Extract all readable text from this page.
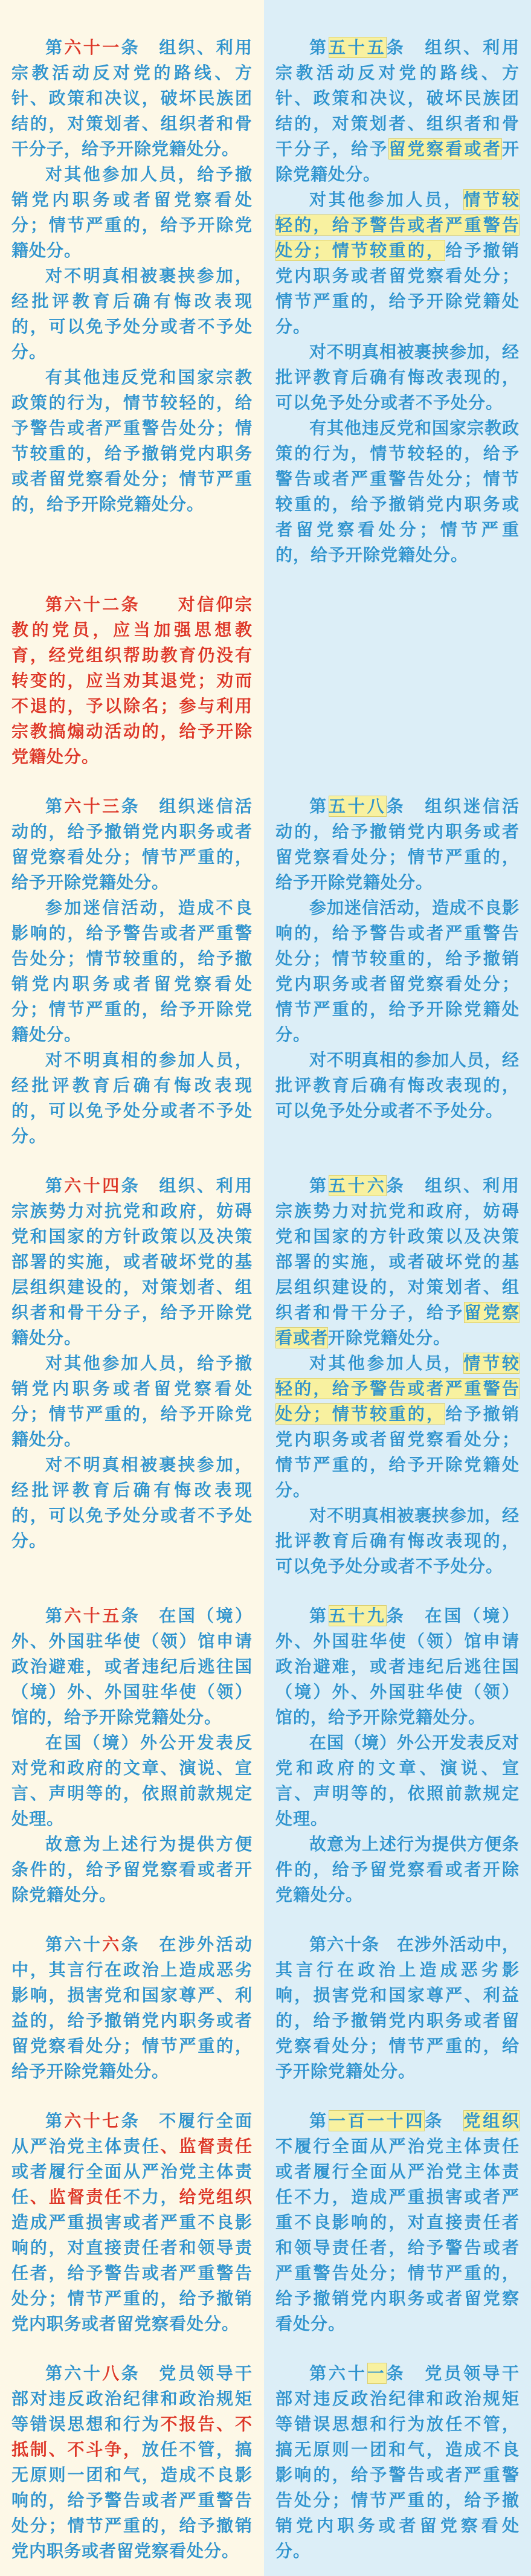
第六十一条　组织、利用宗教活动反对党的路线、方针、政策和决议，破坏民族团结的，对策划者、组织者和骨干分子，给予开除党籍处分。

对其他参加人员，给予撤销党内职务或者留党察看处分；情节严重的，给予开除党籍处分。

对不明真相被裹挟参加，经批评教育后确有悔改表现的，可以免予处分或者不予处分。

有其他违反党和国家宗教政策的行为，情节较轻的，给予警告或者严重警告处分；情节较重的，给予撤销党内职务或者留党察看处分；情节严重的，给予开除党籍处分。

第五十五条　组织、利用宗教活动反对党的路线、方针、政策和决议，破坏民族团结的，对策划者、组织者和骨干分子，给予留党察看或者开除党籍处分。

对其他参加人员，情节较轻的，给予警告或者严重警告处分；情节较重的，给予撤销党内职务或者留党察看处分；情节严重的，给予开除党籍处分。

对不明真相被裹挟参加，经批评教育后确有悔改表现的，可以免予处分或者不予处分。

有其他违反党和国家宗教政策的行为，情节较轻的，给予警告或者严重警告处分；情节较重的，给予撤销党内职务或者留党察看处分；情节严重的，给予开除党籍处分。

第六十二条　　对信仰宗教的党员，应当加强思想教育，经党组织帮助教育仍没有转变的，应当劝其退党；劝而不退的，予以除名；参与利用宗教搞煽动活动的，给予开除党籍处分。

第六十三条　组织迷信活动的，给予撤销党内职务或者留党察看处分；情节严重的，给予开除党籍处分。

参加迷信活动，造成不良影响的，给予警告或者严重警告处分；情节较重的，给予撤销党内职务或者留党察看处分；情节严重的，给予开除党籍处分。

对不明真相的参加人员，经批评教育后确有悔改表现的，可以免予处分或者不予处分。

第五十八条　组织迷信活动的，给予撤销党内职务或者留党察看处分；情节严重的，给予开除党籍处分。

参加迷信活动，造成不良影响的，给予警告或者严重警告处分；情节较重的，给予撤销党内职务或者留党察看处分；情节严重的，给予开除党籍处分。

对不明真相的参加人员，经批评教育后确有悔改表现的，可以免予处分或者不予处分。

第六十四条　组织、利用宗族势力对抗党和政府，妨碍党和国家的方针政策以及决策部署的实施，或者破坏党的基层组织建设的，对策划者、组织者和骨干分子，给予开除党籍处分。

对其他参加人员，给予撤销党内职务或者留党察看处分；情节严重的，给予开除党籍处分。

对不明真相被裹挟参加，经批评教育后确有悔改表现的，可以免予处分或者不予处分。

第五十六条　组织、利用宗族势力对抗党和政府，妨碍党和国家的方针政策以及决策部署的实施，或者破坏党的基层组织建设的，对策划者、组织者和骨干分子，给予留党察看或者开除党籍处分。

对其他参加人员，情节较轻的，给予警告或者严重警告处分；情节较重的，给予撤销党内职务或者留党察看处分；情节严重的，给予开除党籍处分。

对不明真相被裹挟参加，经批评教育后确有悔改表现的，可以免予处分或者不予处分。

第六十五条　在国（境）外、外国驻华使（领）馆申请政治避难，或者违纪后逃往国（境）外、外国驻华使（领）馆的，给予开除党籍处分。

在国（境）外公开发表反对党和政府的文章、演说、宣言、声明等的，依照前款规定处理。

故意为上述行为提供方便条件的，给予留党察看或者开除党籍处分。

第五十九条　在国（境）外、外国驻华使（领）馆申请政治避难，或者违纪后逃往国（境）外、外国驻华使（领）馆的，给予开除党籍处分。

在国（境）外公开发表反对党和政府的文章、演说、宣言、声明等的，依照前款规定处理。

故意为上述行为提供方便条件的，给予留党察看或者开除党籍处分。

第六十六条　在涉外活动中，其言行在政治上造成恶劣影响，损害党和国家尊严、利益的，给予撤销党内职务或者留党察看处分；情节严重的，给予开除党籍处分。

第六十条　在涉外活动中，其言行在政治上造成恶劣影响，损害党和国家尊严、利益的，给予撤销党内职务或者留党察看处分；情节严重的，给予开除党籍处分。

第六十七条　不履行全面从严治党主体责任、监督责任或者履行全面从严治党主体责任、监督责任不力，给党组织造成严重损害或者严重不良影响的，对直接责任者和领导责任者，给予警告或者严重警告处分；情节严重的，给予撤销党内职务或者留党察看处分。

第一百一十四条　党组织不履行全面从严治党主体责任或者履行全面从严治党主体责任不力，造成严重损害或者严重不良影响的，对直接责任者和领导责任者，给予警告或者严重警告处分；情节严重的，给予撤销党内职务或者留党察看处分。

第六十八条　党员领导干部对违反政治纪律和政治规矩等错误思想和行为不报告、不抵制、不斗争，放任不管，搞无原则一团和气，造成不良影响的，给予警告或者严重警告处分；情节严重的，给予撤销党内职务或者留党察看处分。

第六十一条　党员领导干部对违反政治纪律和政治规矩等错误思想和行为放任不管，搞无原则一团和气，造成不良影响的，给予警告或者严重警告处分；情节严重的，给予撤销党内职务或者留党察看处分。
